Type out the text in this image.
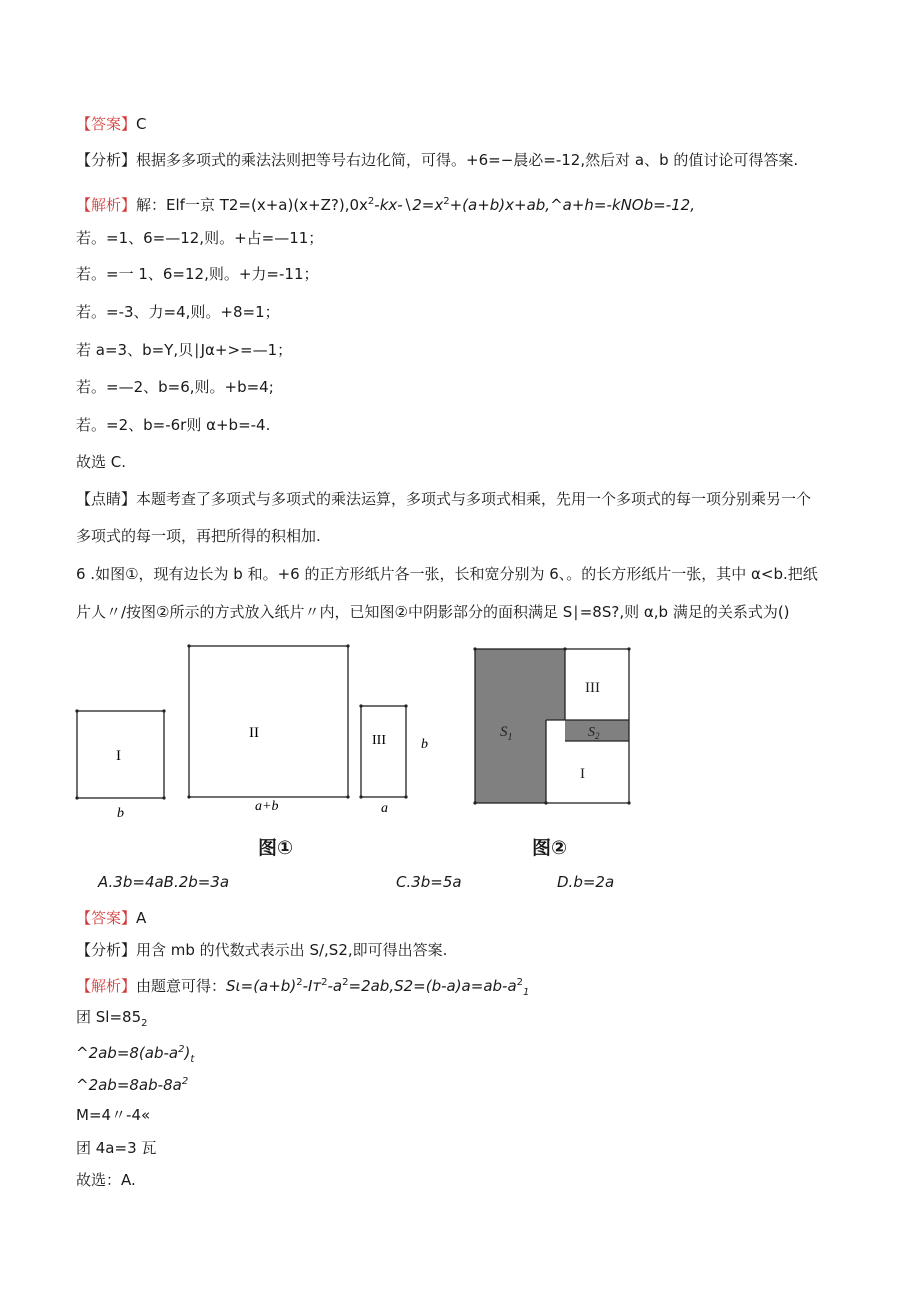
【答案】C
【分析】根据多多项式的乘法法则把等号右边化简，可得。+6=−晨必=-12,然后对 a、b 的值讨论可得答案.
【解析】解：Elf一京 $T2=(x+a)(x+Z?),0x^2-kx-∖2=x^2+(a+b)x+ab,\^{}a+h=-kNOb=-12$,
若。=1、6=—12,则。+占=—11；
若。=一 1、6=12,则。+力=-11；
若。=-3、力=4,则。+8=1；
若 a=3、b=Y,贝∣Jα+>=—1；
若。=—2、b=6,则。+b=4;
若。=2、b=-6r则 α+b=-4.
故选 C.
【点睛】本题考查了多项式与多项式的乘法运算，多项式与多项式相乘，先用一个多项式的每一项分别乘另一个
多项式的每一项，再把所得的积相加.
6 .如图①，现有边长为 b 和。+6 的正方形纸片各一张，长和宽分别为 6、。的长方形纸片一张，其中 α<b.把纸
片人〃/按图②所示的方式放入纸片〃内，已知图②中阴影部分的面积满足 S∣=8S?,则 α,b 满足的关系式为()
I
b
II
a+b
III
a
b
$S_1$	$S_2$
III
I
图①	图②
A.3b=4aB.2b=3a	C.3b=5a	D.b=2a
【答案】A
【分析】用含 mb 的代数式表示出 S/,S2,即可得出答案.
【解析】由题意可得：$S\iota=(a+b)^2-Iт^2-a^2=2ab,S2=(b-a)a=ab-a^2_1$
团 $Sl=85_2$
$\^{}2ab=8(ab-a^2)_t$
$\^{}2ab=8ab-8a^2$
M=4〃-4«
团 4a=3 瓦
故选：A.
